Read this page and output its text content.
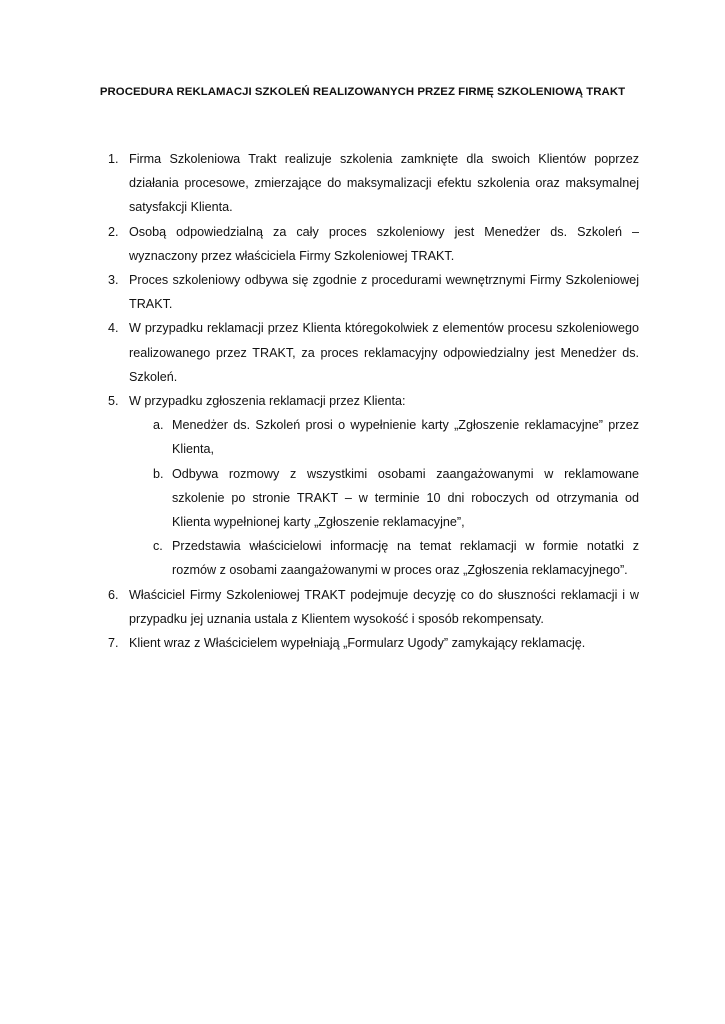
PROCEDURA REKLAMACJI SZKOLEŃ REALIZOWANYCH PRZEZ FIRMĘ SZKOLENIOWĄ TRAKT
1. Firma Szkoleniowa Trakt realizuje szkolenia zamknięte dla swoich Klientów poprzez działania procesowe, zmierzające do maksymalizacji efektu szkolenia oraz maksymalnej satysfakcji Klienta.
2. Osobą odpowiedzialną za cały proces szkoleniowy jest Menedżer ds. Szkoleń – wyznaczony przez właściciela Firmy Szkoleniowej TRAKT.
3. Proces szkoleniowy odbywa się zgodnie z procedurami wewnętrznymi Firmy Szkoleniowej TRAKT.
4. W przypadku reklamacji przez Klienta któregokolwiek z elementów procesu szkoleniowego realizowanego przez TRAKT, za proces reklamacyjny odpowiedzialny jest Menedżer ds. Szkoleń.
5. W przypadku zgłoszenia reklamacji przez Klienta:
a. Menedżer ds. Szkoleń prosi o wypełnienie karty „Zgłoszenie reklamacyjne” przez Klienta,
b. Odbywa rozmowy z wszystkimi osobami zaangażowanymi w reklamowane szkolenie po stronie TRAKT – w terminie 10 dni roboczych od otrzymania od Klienta wypełnionej karty „Zgłoszenie reklamacyjne”,
c. Przedstawia właścicielowi informację na temat reklamacji w formie notatki z rozmów z osobami zaangażowanymi w proces oraz „Zgłoszenia reklamacyjnego”.
6. Właściciel Firmy Szkoleniowej TRAKT podejmuje decyzję co do słuszności reklamacji i w przypadku jej uznania ustala z Klientem wysokość i sposób rekompensaty.
7. Klient wraz z Właścicielem wypełniają „Formularz Ugody” zamykający reklamację.
